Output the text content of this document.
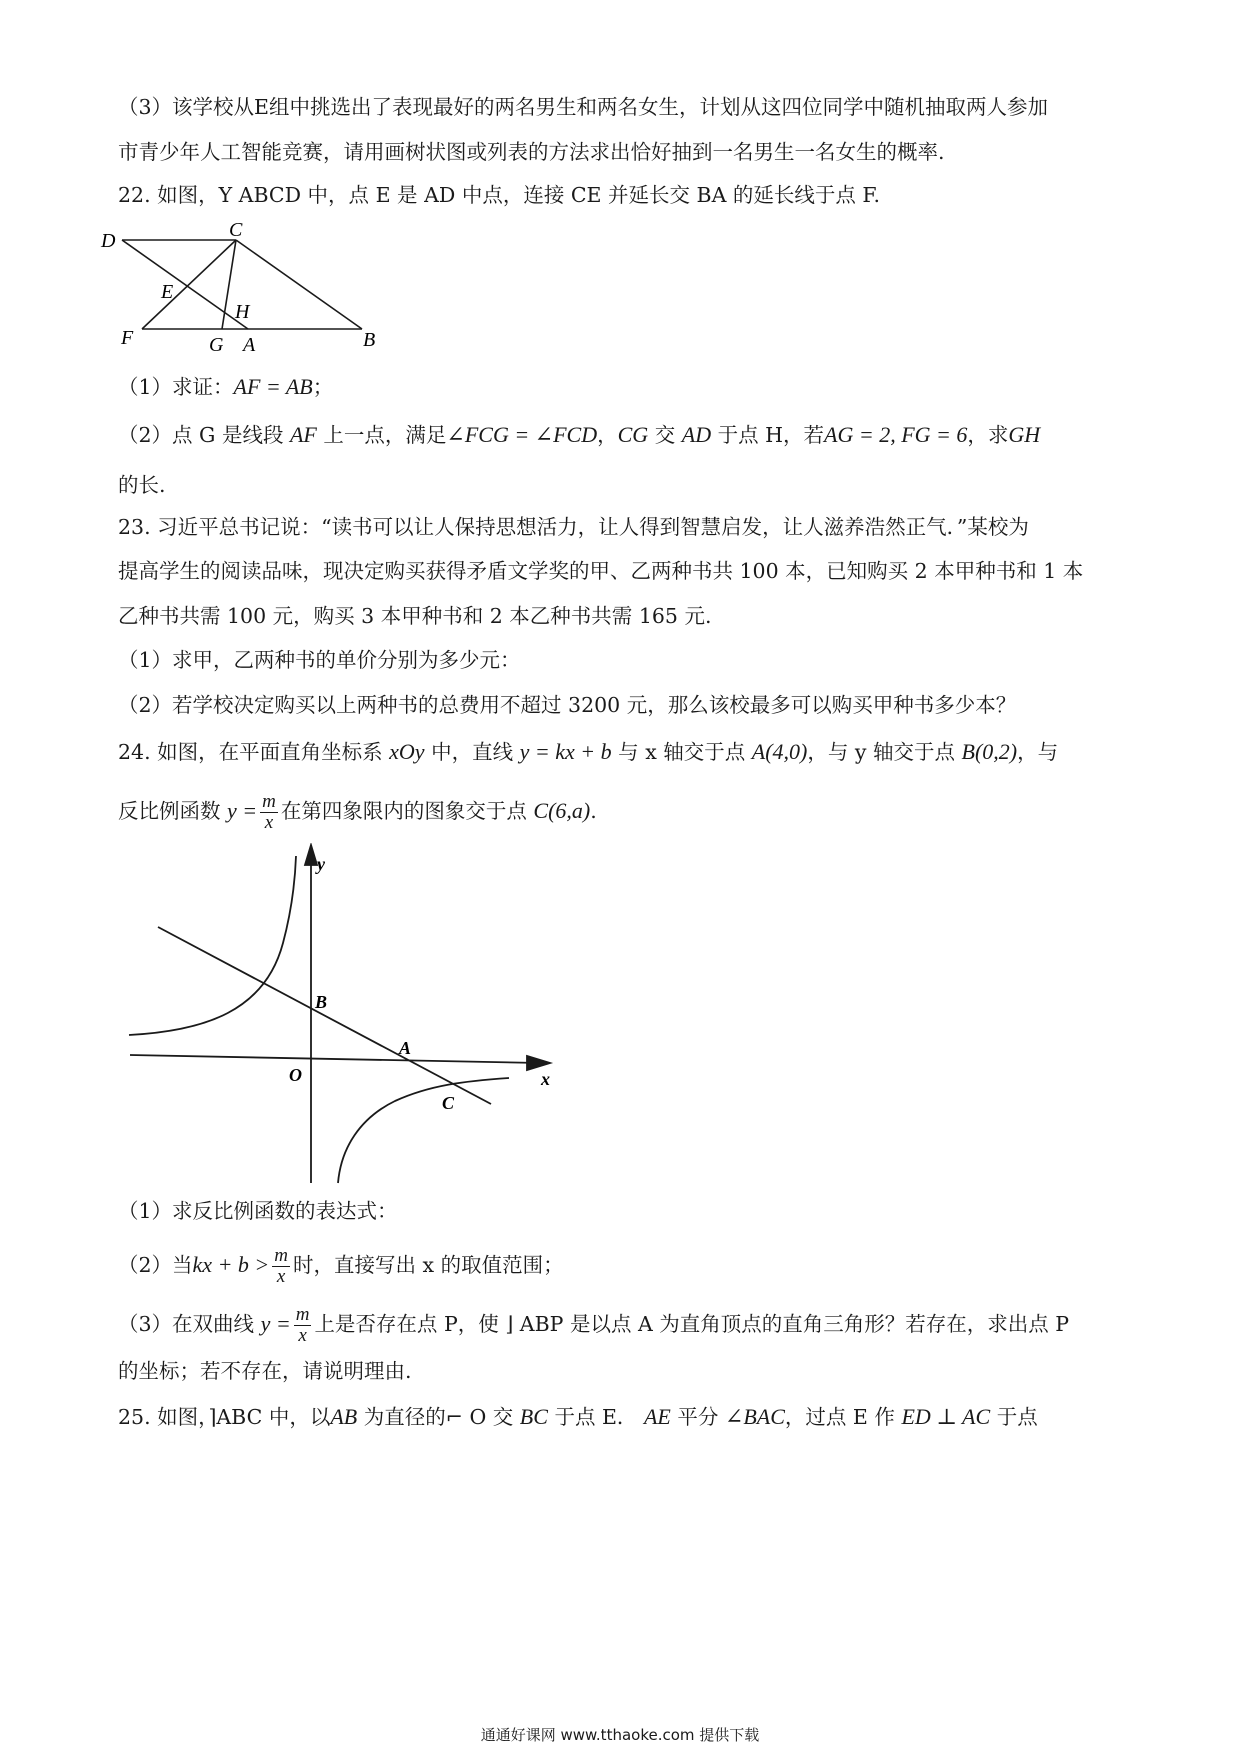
（3）该学校从E组中挑选出了表现最好的两名男生和两名女生，计划从这四位同学中随机抽取两人参加
市青少年人工智能竞赛，请用画树状图或列表的方法求出恰好抽到一名男生一名女生的概率.
22. 如图，Y ABCD 中，点 E 是 AD 中点，连接 CE 并延长交 BA 的延长线于点 F.
D	C
E
H
F	G A	B
（1）求证：AF = AB；
（2）点 G 是线段 AF 上一点，满足∠FCG = ∠FCD，CG 交 AD 于点 H，若AG = 2, FG = 6，求GH
的长.
23. 习近平总书记说：“读书可以让人保持思想活力，让人得到智慧启发，让人滋养浩然正气．”某校为
提高学生的阅读品味，现决定购买获得矛盾文学奖的甲、乙两种书共 100 本，已知购买 2 本甲种书和 1 本
乙种书共需 100 元，购买 3 本甲种书和 2 本乙种书共需 165 元.
（1）求甲，乙两种书的单价分别为多少元：
（2）若学校决定购买以上两种书的总费用不超过 3200 元，那么该校最多可以购买甲种书多少本？
24. 如图，在平面直角坐标系 xOy 中，直线 y = kx + b 与 x 轴交于点 A(4,0)，与 y 轴交于点 B(0,2)，与
反比例函数 $y = \frac{m}{x}$ 在第四象限内的图象交于点 C(6,a).
y
x
O
A
B
C
（1）求反比例函数的表达式：
（2）当kx + $b > \frac{m}{x}$ 时，直接写出 x 的取值范围；
（3）在双曲线 $y = \frac{m}{x}$ 上是否存在点 P，使 ⌋ ABP 是以点 A 为直角顶点的直角三角形？若存在，求出点 P
的坐标；若不存在，请说明理由.
25. 如图，⌉ABC 中，以AB 为直径的⌐ O 交 BC 于点 E． AE 平分 ∠BAC，过点 E 作 ED ⊥ AC 于点
通通好课网 www.tthaoke.com 提供下载
